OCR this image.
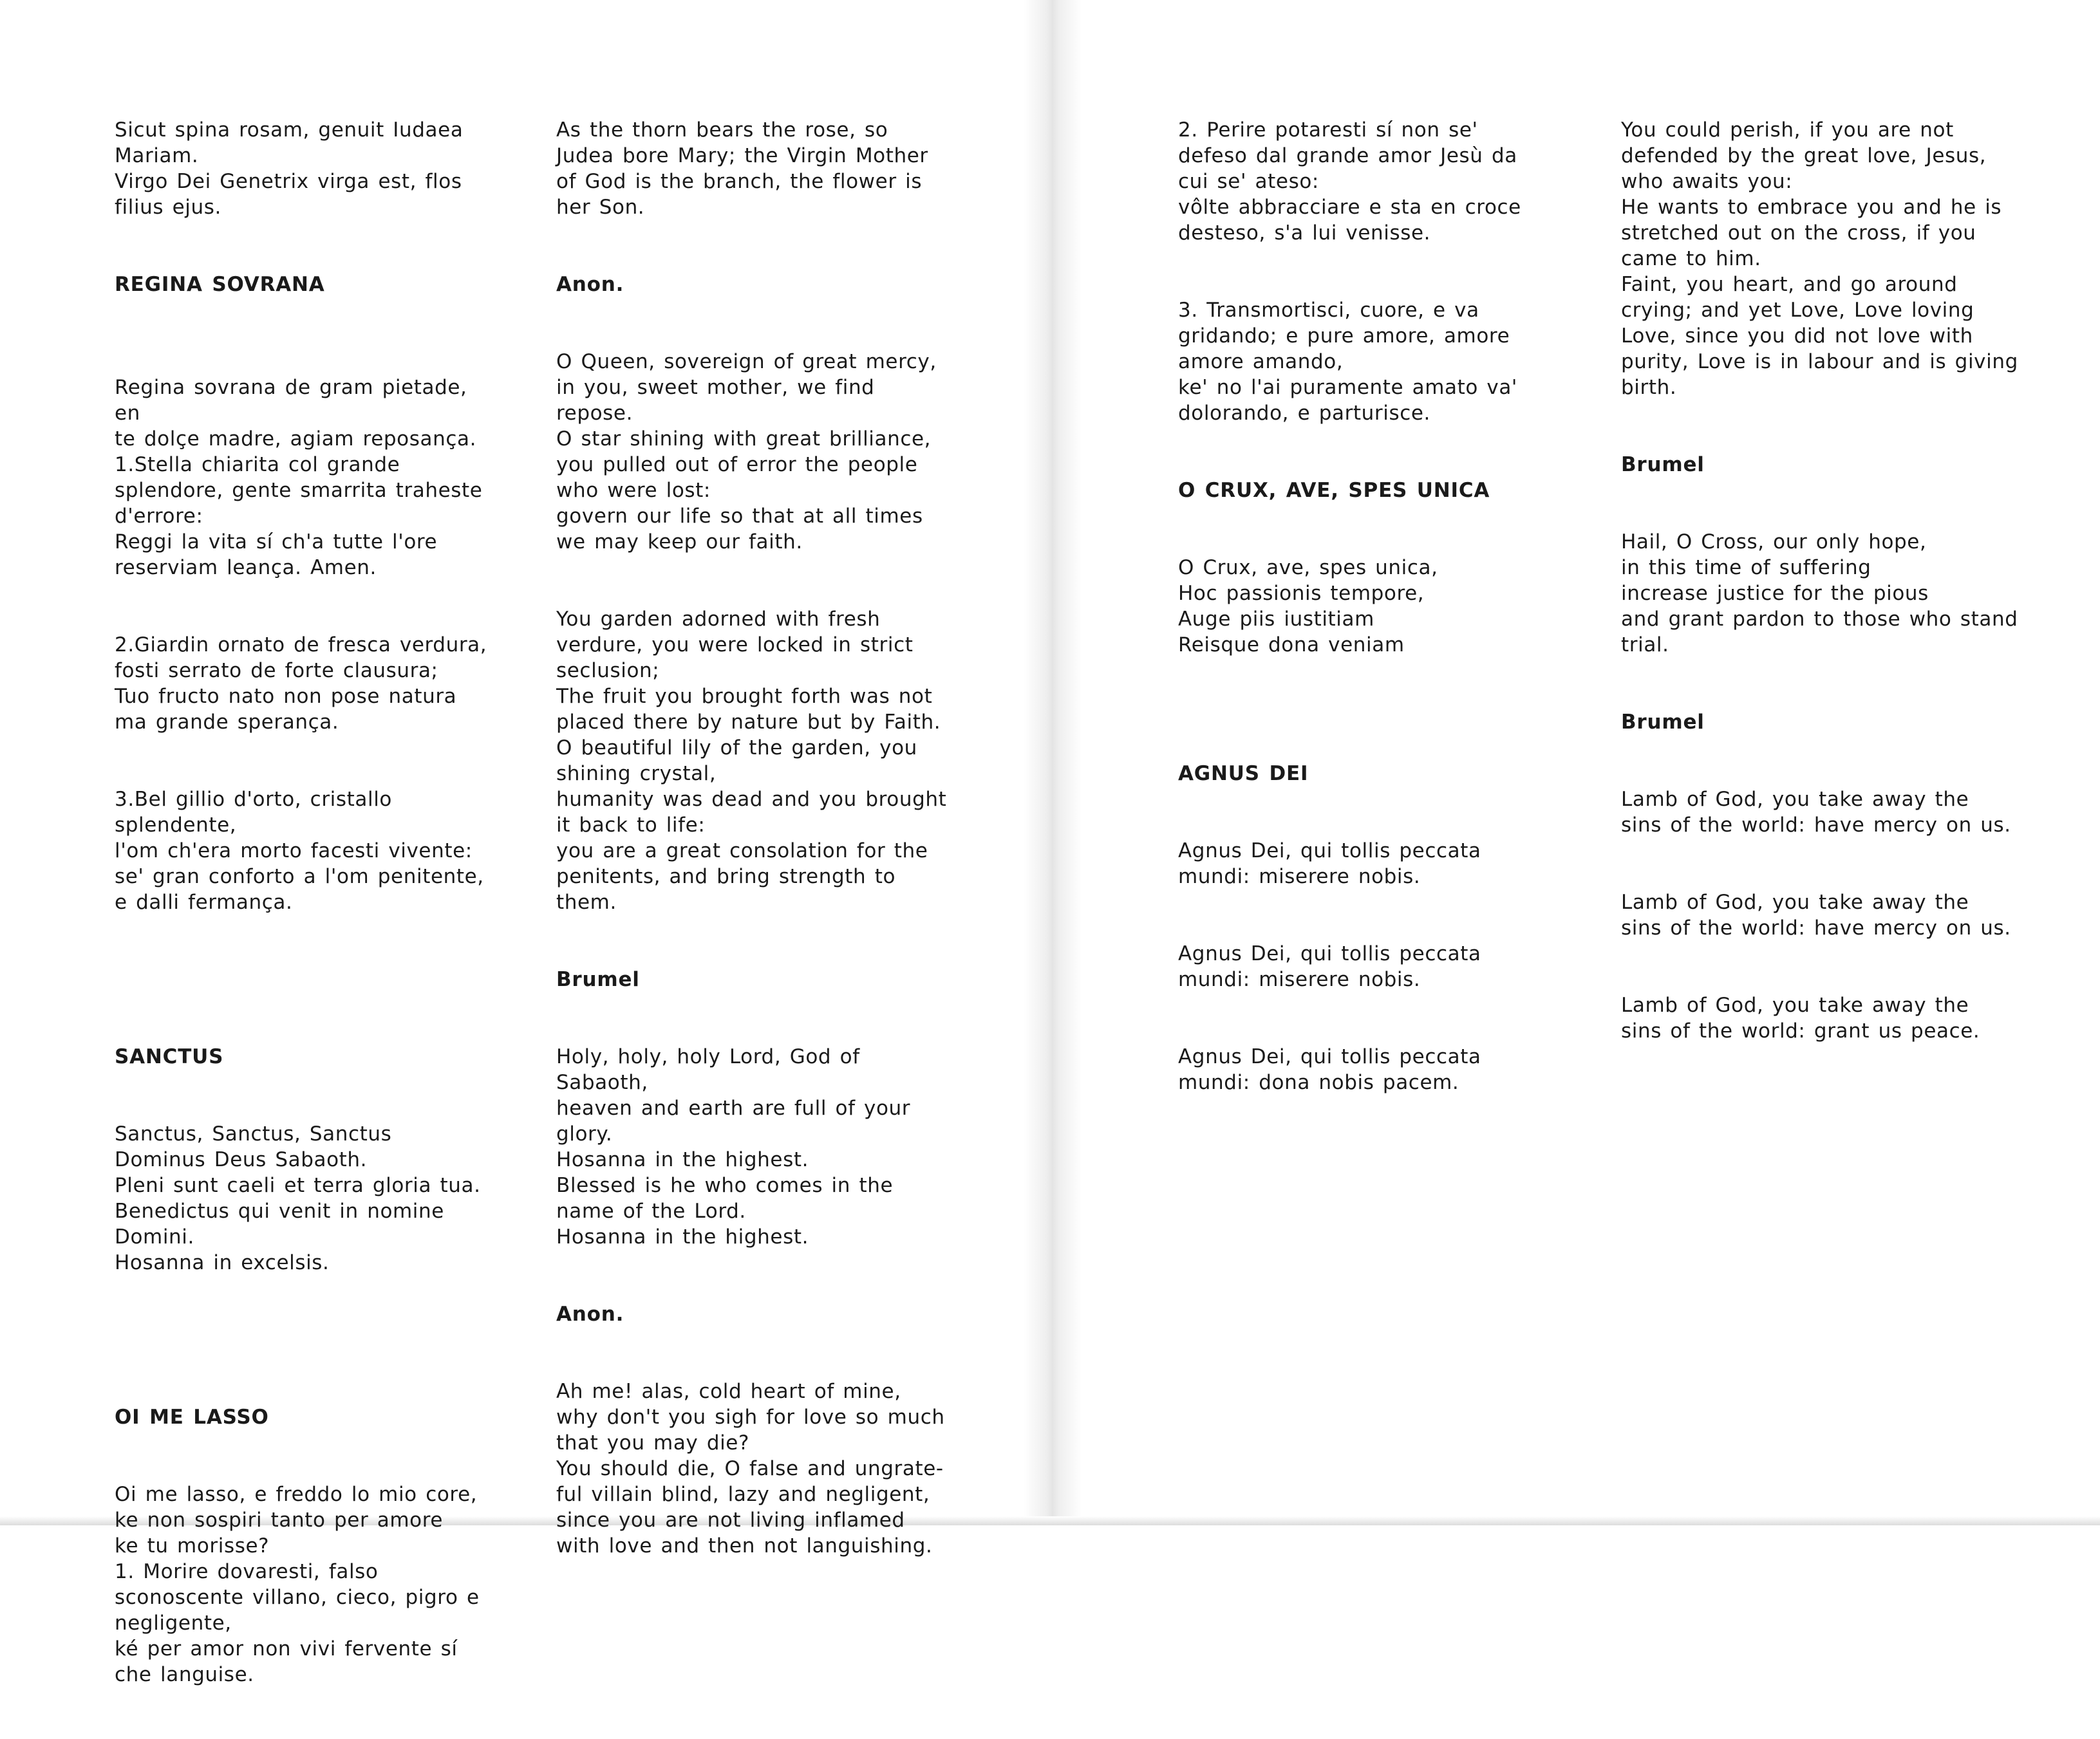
Sicut spina rosam, genuit Iudaea
Mariam.
Virgo Dei Genetrix virga est, flos
filius ejus.

REGINA SOVRANA

Regina sovrana de gram pietade,
en
te dolçe madre, agiam reposança.
1.Stella chiarita col grande
splendore, gente smarrita traheste
d'errore:
Reggi la vita sí ch'a tutte l'ore
reserviam leança. Amen.

2.Giardin ornato de fresca verdura,
fosti serrato de forte clausura;
Tuo fructo nato non pose natura
ma grande sperança.

3.Bel gillio d'orto, cristallo
splendente,
l'om ch'era morto facesti vivente:
se' gran conforto a l'om penitente,
e dalli fermança.

SANCTUS

Sanctus, Sanctus, Sanctus
Dominus Deus Sabaoth.
Pleni sunt caeli et terra gloria tua.
Benedictus qui venit in nomine
Domini.
Hosanna in excelsis.

OI ME LASSO

Oi me lasso, e freddo lo mio core,
ke non sospiri tanto per amore
ke tu morisse?
1. Morire dovaresti, falso
sconoscente villano, cieco, pigro e
negligente,
ké per amor non vivi fervente sí
che languise.

As the thorn bears the rose, so
Judea bore Mary; the Virgin Mother
of God is the branch, the flower is
her Son.

Anon.

O Queen, sovereign of great mercy,
in you, sweet mother, we find
repose.
O star shining with great brilliance,
you pulled out of error the people
who were lost:
govern our life so that at all times
we may keep our faith.

You garden adorned with fresh
verdure, you were locked in strict
seclusion;
The fruit you brought forth was not
placed there by nature but by Faith.
O beautiful lily of the garden, you
shining crystal,
humanity was dead and you brought
it back to life:
you are a great consolation for the
penitents, and bring strength to
them.

Brumel

Holy, holy, holy Lord, God of
Sabaoth,
heaven and earth are full of your
glory.
Hosanna in the highest.
Blessed is he who comes in the
name of the Lord.
Hosanna in the highest.

Anon.

Ah me! alas, cold heart of mine,
why don't you sigh for love so much
that you may die?
You should die, O false and ungrate-
ful villain blind, lazy and negligent,
since you are not living inflamed
with love and then not languishing.

2. Perire potaresti sí non se'
defeso dal grande amor Jesù da
cui se' ateso:
vôlte abbracciare e sta en croce
desteso, s'a lui venisse.

3. Transmortisci, cuore, e va
gridando; e pure amore, amore
amore amando,
ke' no l'ai puramente amato va'
dolorando, e parturisce.

O CRUX, AVE, SPES UNICA

O Crux, ave, spes unica,
Hoc passionis tempore,
Auge piis iustitiam
Reisque dona veniam

AGNUS DEI

Agnus Dei, qui tollis peccata
mundi: miserere nobis.

Agnus Dei, qui tollis peccata
mundi: miserere nobis.

Agnus Dei, qui tollis peccata
mundi: dona nobis pacem.

You could perish, if you are not
defended by the great love, Jesus,
who awaits you:
He wants to embrace you and he is
stretched out on the cross, if you
came to him.
Faint, you heart, and go around
crying; and yet Love, Love loving
Love, since you did not love with
purity, Love is in labour and is giving
birth.

Brumel

Hail, O Cross, our only hope,
in this time of suffering
increase justice for the pious
and grant pardon to those who stand
trial.

Brumel

Lamb of God, you take away the
sins of the world: have mercy on us.

Lamb of God, you take away the
sins of the world: have mercy on us.

Lamb of God, you take away the
sins of the world: grant us peace.
